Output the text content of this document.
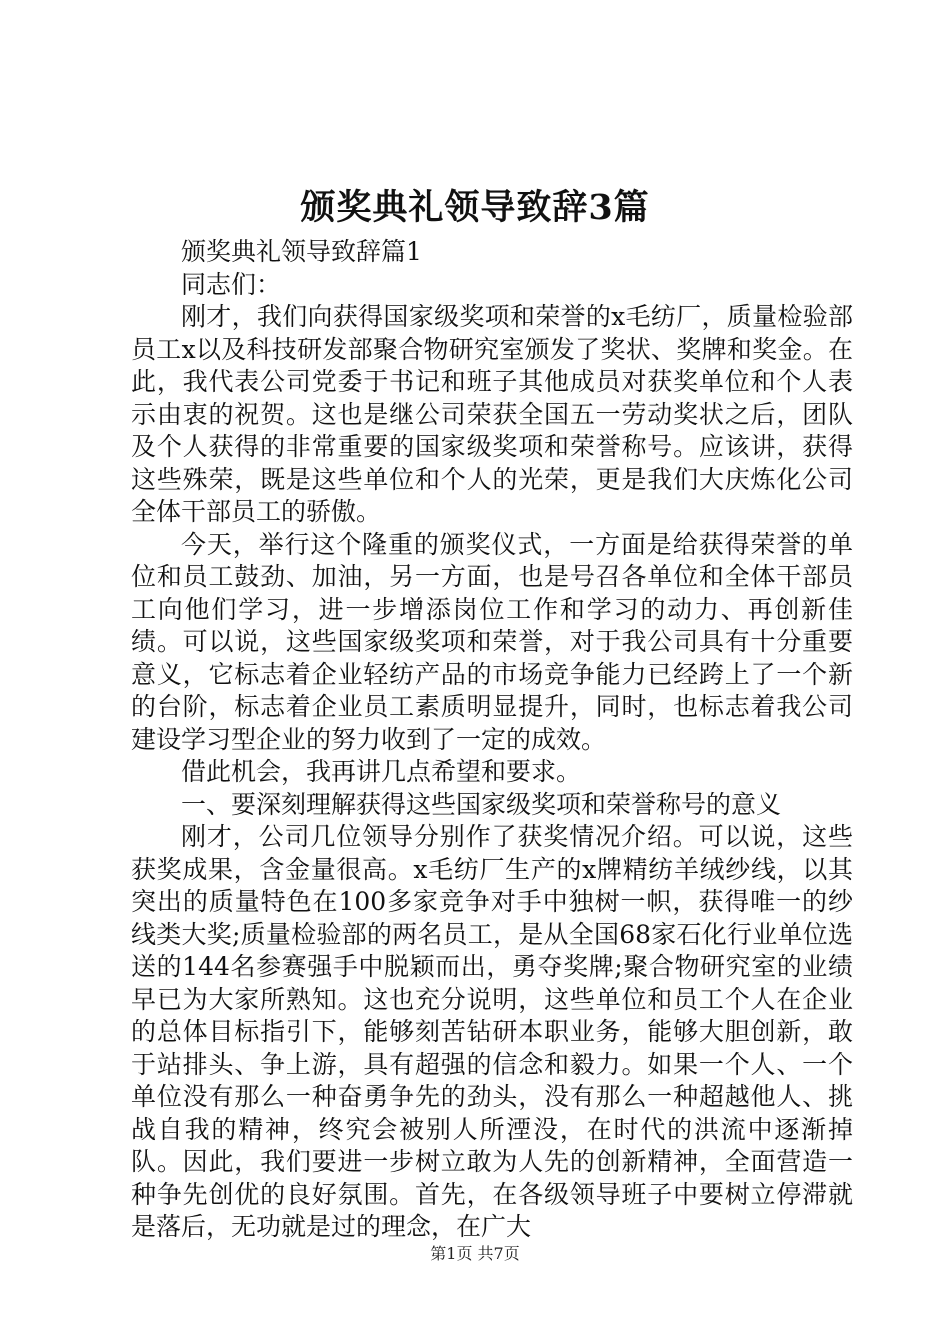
颁奖典礼领导致辞3篇

颁奖典礼领导致辞篇1

同志们：

刚才，我们向获得国家级奖项和荣誉的x毛纺厂，质量检验部员工x以及科技研发部聚合物研究室颁发了奖状、奖牌和奖金。在此，我代表公司党委于书记和班子其他成员对获奖单位和个人表示由衷的祝贺。这也是继公司荣获全国五一劳动奖状之后，团队及个人获得的非常重要的国家级奖项和荣誉称号。应该讲，获得这些殊荣，既是这些单位和个人的光荣，更是我们大庆炼化公司全体干部员工的骄傲。

今天，举行这个隆重的颁奖仪式，一方面是给获得荣誉的单位和员工鼓劲、加油，另一方面，也是号召各单位和全体干部员工向他们学习，进一步增添岗位工作和学习的动力、再创新佳绩。可以说，这些国家级奖项和荣誉，对于我公司具有十分重要意义，它标志着企业轻纺产品的市场竞争能力已经跨上了一个新的台阶，标志着企业员工素质明显提升，同时，也标志着我公司建设学习型企业的努力收到了一定的成效。

借此机会，我再讲几点希望和要求。

一、要深刻理解获得这些国家级奖项和荣誉称号的意义

刚才，公司几位领导分别作了获奖情况介绍。可以说，这些获奖成果，含金量很高。x毛纺厂生产的x牌精纺羊绒纱线，以其突出的质量特色在100多家竞争对手中独树一帜，获得唯一的纱线类大奖;质量检验部的两名员工，是从全国68家石化行业单位选送的144名参赛强手中脱颖而出，勇夺奖牌;聚合物研究室的业绩早已为大家所熟知。这也充分说明，这些单位和员工个人在企业的总体目标指引下，能够刻苦钻研本职业务，能够大胆创新，敢于站排头、争上游，具有超强的信念和毅力。如果一个人、一个单位没有那么一种奋勇争先的劲头，没有那么一种超越他人、挑战自我的精神，终究会被别人所湮没，在时代的洪流中逐渐掉队。因此，我们要进一步树立敢为人先的创新精神，全面营造一种争先创优的良好氛围。首先，在各级领导班子中要树立停滞就是落后，无功就是过的理念，在广大

第1页 共7页
